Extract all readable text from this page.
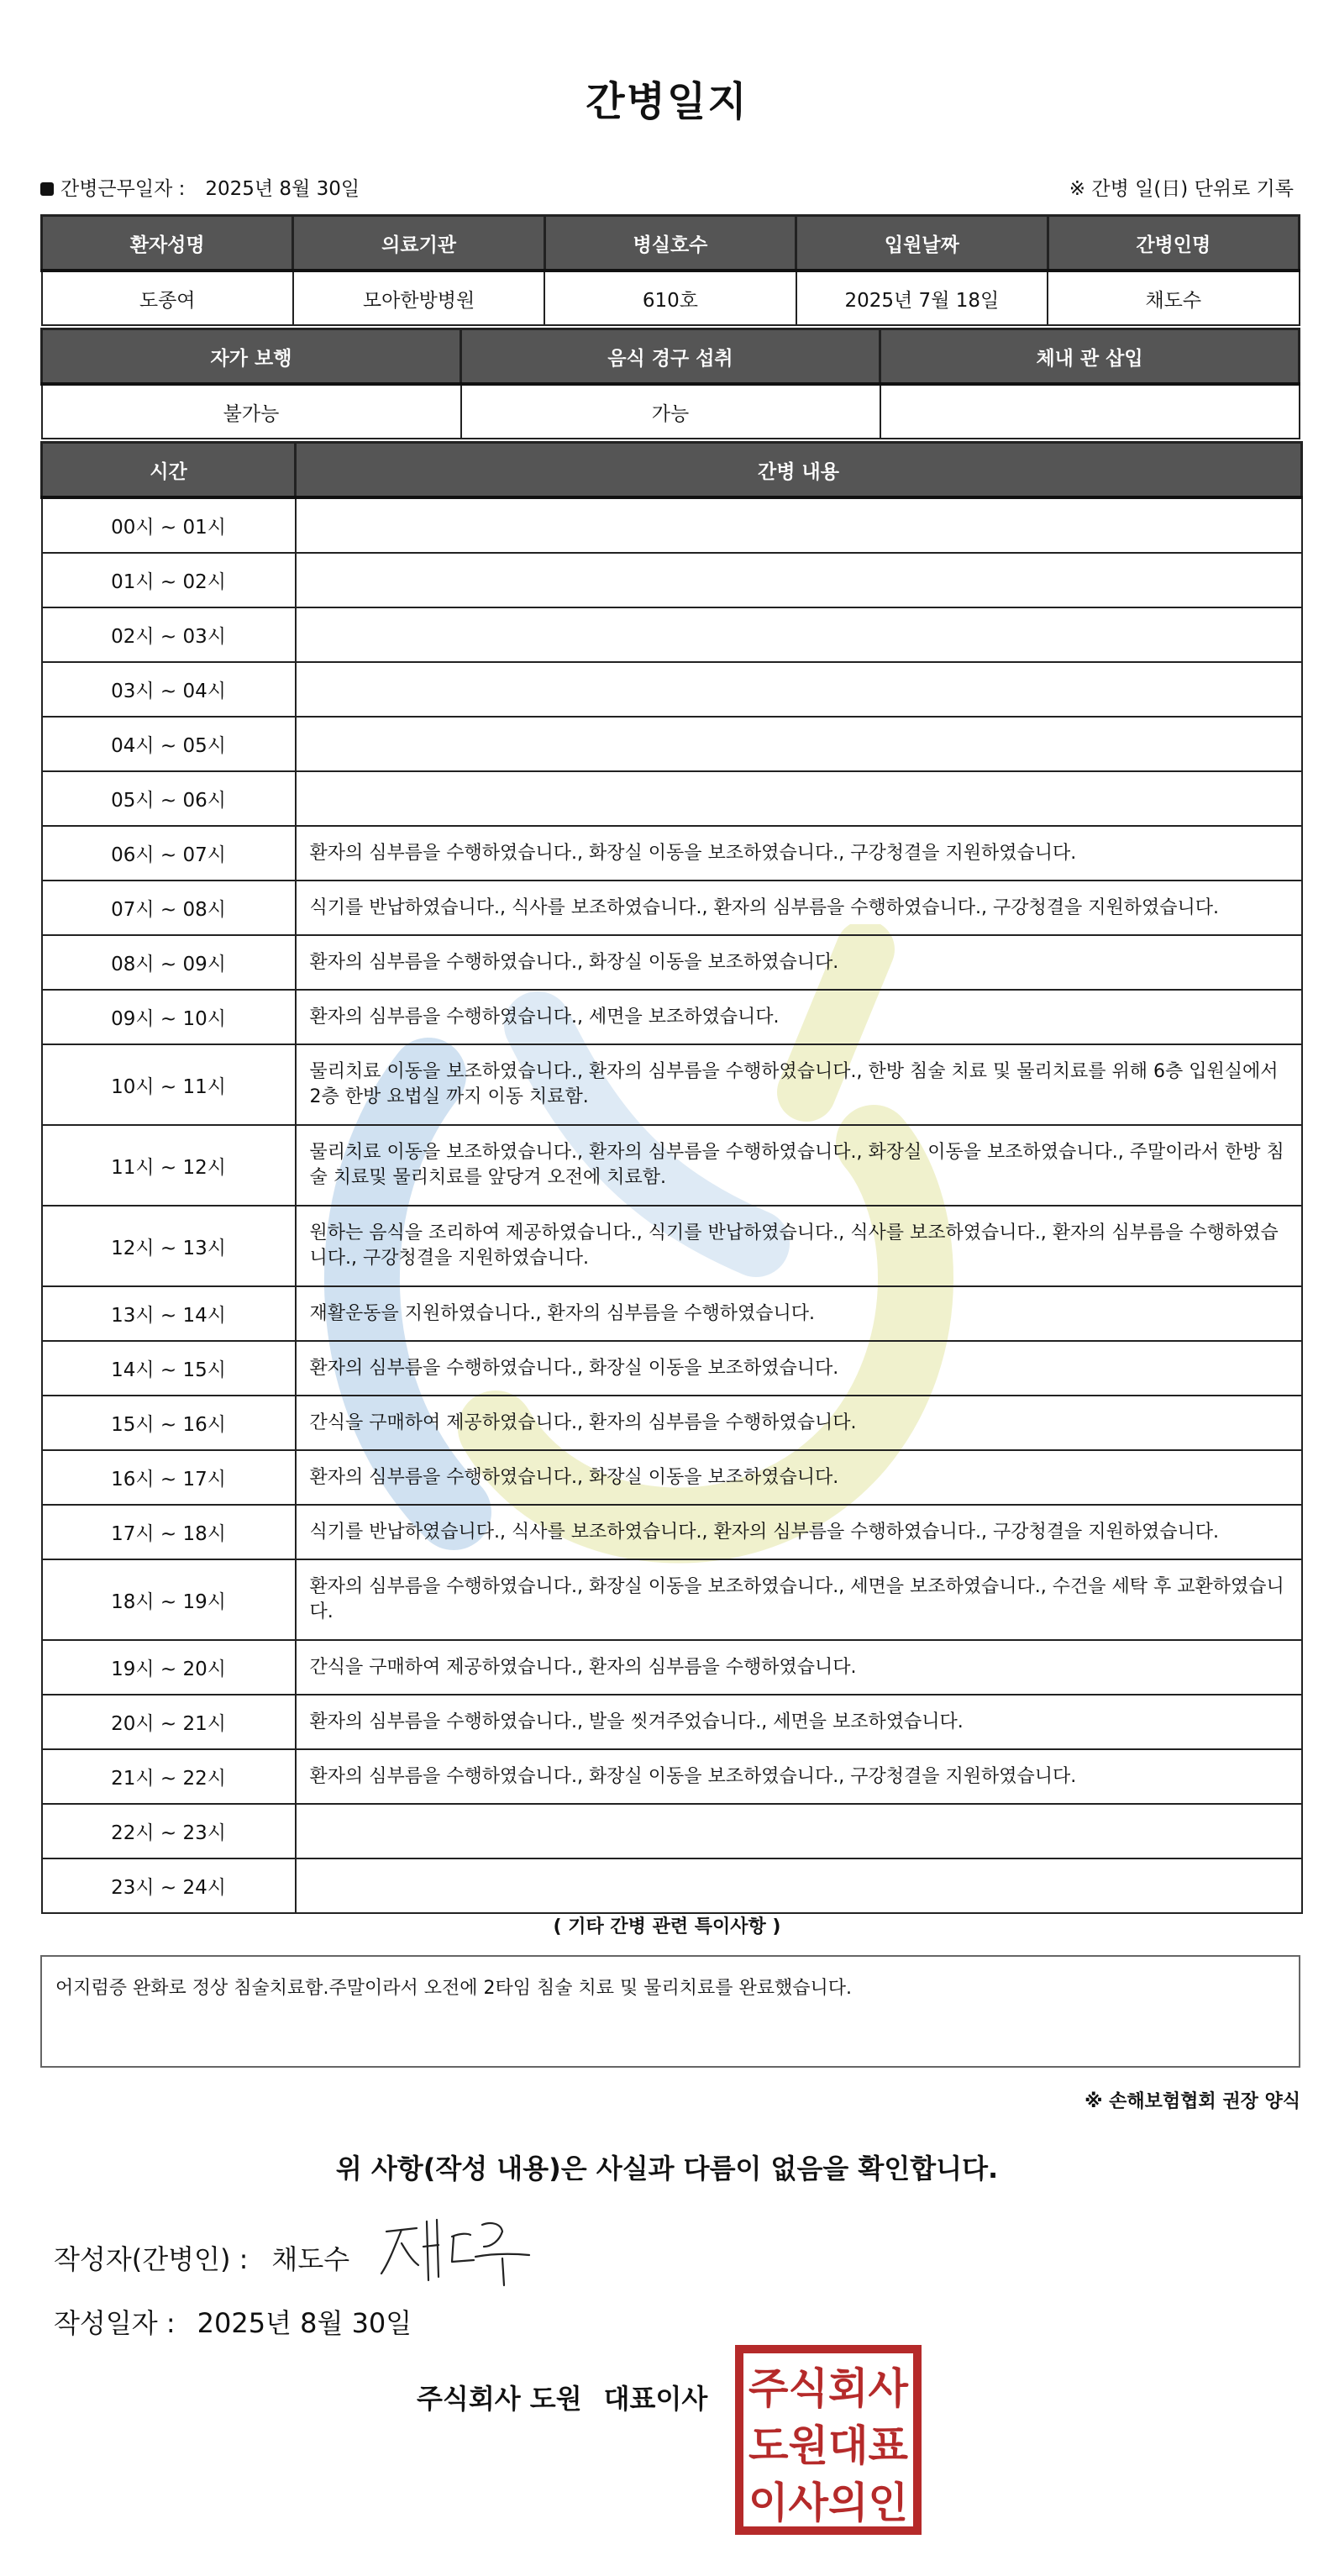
간병일지
간병근무일자 : 2025년 8월 30일	※ 간병 일(日) 단위로 기록
환자성명	의료기관	병실호수	입원날짜	간병인명
도종여	모아한방병원	610호	2025년 7월 18일	채도수
자가 보행	음식 경구 섭취	체내 관 삽입
불가능	가능	
시간	간병 내용
00시 ~ 01시	
01시 ~ 02시	
02시 ~ 03시	
03시 ~ 04시	
04시 ~ 05시	
05시 ~ 06시	
06시 ~ 07시	환자의 심부름을 수행하였습니다., 화장실 이동을 보조하였습니다., 구강청결을 지원하였습니다.
07시 ~ 08시	식기를 반납하였습니다., 식사를 보조하였습니다., 환자의 심부름을 수행하였습니다., 구강청결을 지원하였습니다.
08시 ~ 09시	환자의 심부름을 수행하였습니다., 화장실 이동을 보조하였습니다.
09시 ~ 10시	환자의 심부름을 수행하였습니다., 세면을 보조하였습니다.
10시 ~ 11시	물리치료 이동을 보조하였습니다., 환자의 심부름을 수행하였습니다., 한방 침술 치료 및 물리치료를 위해 6층 입원실에서 2층 한방 요법실 까지 이동 치료함.
11시 ~ 12시	물리치료 이동을 보조하였습니다., 환자의 심부름을 수행하였습니다., 화장실 이동을 보조하였습니다., 주말이라서 한방 침술 치료및 물리치료를 앞당겨 오전에 치료함.
12시 ~ 13시	원하는 음식을 조리하여 제공하였습니다., 식기를 반납하였습니다., 식사를 보조하였습니다., 환자의 심부름을 수행하였습니다., 구강청결을 지원하였습니다.
13시 ~ 14시	재활운동을 지원하였습니다., 환자의 심부름을 수행하였습니다.
14시 ~ 15시	환자의 심부름을 수행하였습니다., 화장실 이동을 보조하였습니다.
15시 ~ 16시	간식을 구매하여 제공하였습니다., 환자의 심부름을 수행하였습니다.
16시 ~ 17시	환자의 심부름을 수행하였습니다., 화장실 이동을 보조하였습니다.
17시 ~ 18시	식기를 반납하였습니다., 식사를 보조하였습니다., 환자의 심부름을 수행하였습니다., 구강청결을 지원하였습니다.
18시 ~ 19시	환자의 심부름을 수행하였습니다., 화장실 이동을 보조하였습니다., 세면을 보조하였습니다., 수건을 세탁 후 교환하였습니다.
19시 ~ 20시	간식을 구매하여 제공하였습니다., 환자의 심부름을 수행하였습니다.
20시 ~ 21시	환자의 심부름을 수행하였습니다., 발을 씻겨주었습니다., 세면을 보조하였습니다.
21시 ~ 22시	환자의 심부름을 수행하였습니다., 화장실 이동을 보조하였습니다., 구강청결을 지원하였습니다.
22시 ~ 23시	
23시 ~ 24시	
( 기타 간병 관련 특이사항 )
어지럼증 완화로 정상 침술치료함.주말이라서 오전에 2타임 침술 치료 및 물리치료를 완료했습니다.
※ 손해보험협회 권장 양식
위 사항(작성 내용)은 사실과 다름이 없음을 확인합니다.
작성자(간병인) : 채도수
작성일자 : 2025년 8월 30일
주식회사 도원 대표이사 주식회사
도원대표
이사의인
